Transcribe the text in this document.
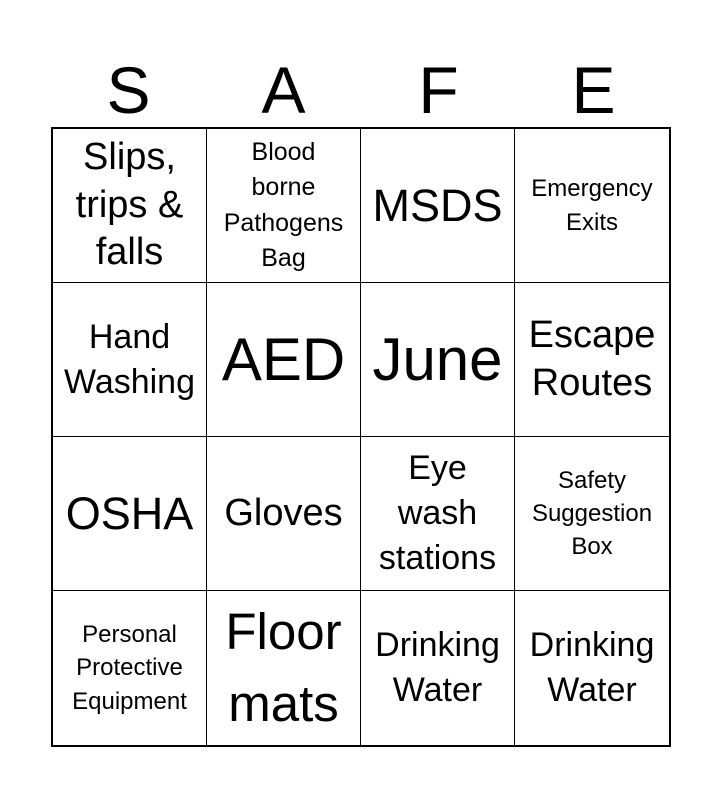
S	A	F	E
Slips,
trips &
falls
Blood
borne
Pathogens
Bag
MSDS	Emergency
Exits
Hand
Washing AED June Escape
Routes
OSHA Gloves
Eye
wash
stations
Safety
Suggestion
Box
Personal
Protective
Equipment
Floor
mats
Drinking
Water
Drinking
Water
